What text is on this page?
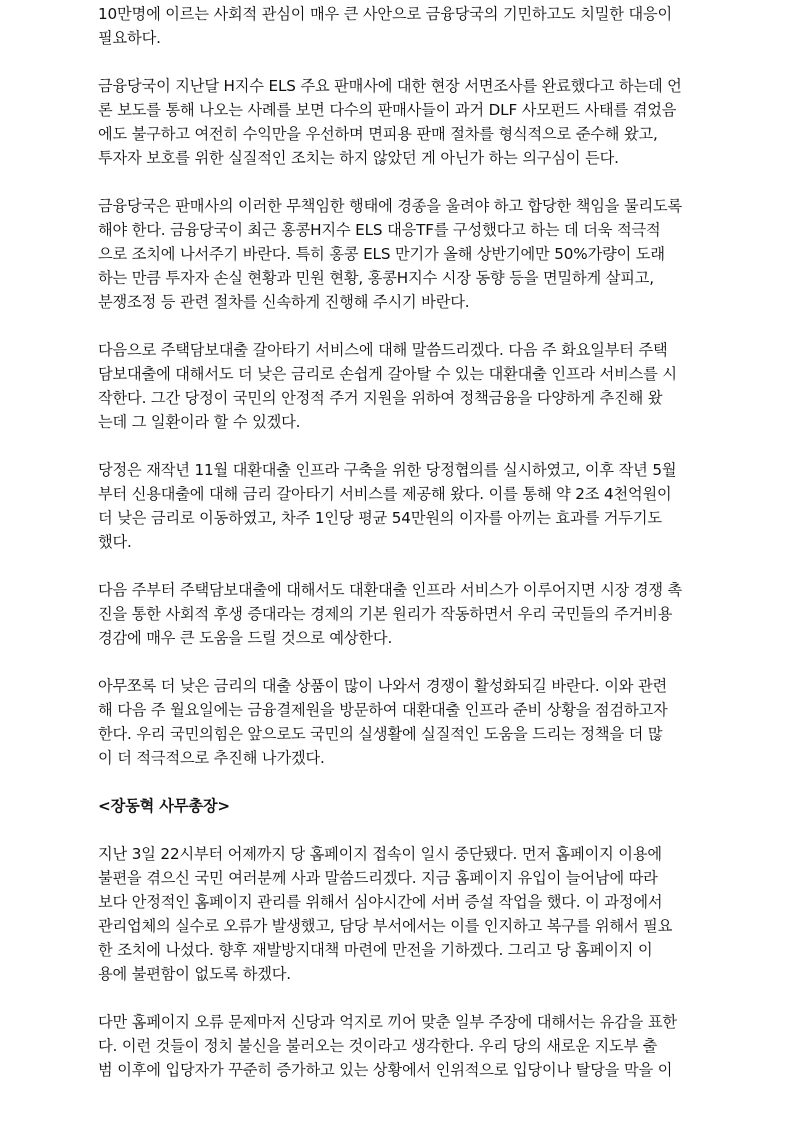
10만명에 이르는 사회적 관심이 매우 큰 사안으로 금융당국의 기민하고도 치밀한 대응이
필요하다.

금융당국이 지난달 H지수 ELS 주요 판매사에 대한 현장 서면조사를 완료했다고 하는데 언
론 보도를 통해 나오는 사례를 보면 다수의 판매사들이 과거 DLF 사모펀드 사태를 겪었음
에도 불구하고 여전히 수익만을 우선하며 면피용 판매 절차를 형식적으로 준수해 왔고,
투자자 보호를 위한 실질적인 조치는 하지 않았던 게 아닌가 하는 의구심이 든다.

금융당국은 판매사의 이러한 무책임한 행태에 경종을 울려야 하고 합당한 책임을 물리도록
해야 한다. 금융당국이 최근 홍콩H지수 ELS 대응TF를 구성했다고 하는 데 더욱 적극적
으로 조치에 나서주기 바란다. 특히 홍콩 ELS 만기가 올해 상반기에만 50%가량이 도래
하는 만큼 투자자 손실 현황과 민원 현황, 홍콩H지수 시장 동향 등을 면밀하게 살피고,
분쟁조정 등 관련 절차를 신속하게 진행해 주시기 바란다.

다음으로 주택담보대출 갈아타기 서비스에 대해 말씀드리겠다. 다음 주 화요일부터 주택
담보대출에 대해서도 더 낮은 금리로 손쉽게 갈아탈 수 있는 대환대출 인프라 서비스를 시
작한다. 그간 당정이 국민의 안정적 주거 지원을 위하여 정책금융을 다양하게 추진해 왔
는데 그 일환이라 할 수 있겠다.

당정은 재작년 11월 대환대출 인프라 구축을 위한 당정협의를 실시하였고, 이후 작년 5월
부터 신용대출에 대해 금리 갈아타기 서비스를 제공해 왔다. 이를 통해 약 2조 4천억원이
더 낮은 금리로 이동하였고, 차주 1인당 평균 54만원의 이자를 아끼는 효과를 거두기도
했다.

다음 주부터 주택담보대출에 대해서도 대환대출 인프라 서비스가 이루어지면 시장 경쟁 촉
진을 통한 사회적 후생 증대라는 경제의 기본 원리가 작동하면서 우리 국민들의 주거비용
경감에 매우 큰 도움을 드릴 것으로 예상한다.

아무쪼록 더 낮은 금리의 대출 상품이 많이 나와서 경쟁이 활성화되길 바란다. 이와 관련
해 다음 주 월요일에는 금융결제원을 방문하여 대환대출 인프라 준비 상황을 점검하고자
한다. 우리 국민의힘은 앞으로도 국민의 실생활에 실질적인 도움을 드리는 정책을 더 많
이 더 적극적으로 추진해 나가겠다.

<장동혁 사무총장>

지난 3일 22시부터 어제까지 당 홈페이지 접속이 일시 중단됐다. 먼저 홈페이지 이용에
불편을 겪으신 국민 여러분께 사과 말씀드리겠다. 지금 홈페이지 유입이 늘어남에 따라
보다 안정적인 홈페이지 관리를 위해서 심야시간에 서버 증설 작업을 했다. 이 과정에서
관리업체의 실수로 오류가 발생했고, 담당 부서에서는 이를 인지하고 복구를 위해서 필요
한 조치에 나섰다. 향후 재발방지대책 마련에 만전을 기하겠다. 그리고 당 홈페이지 이
용에 불편함이 없도록 하겠다.

다만 홈페이지 오류 문제마저 신당과 억지로 끼어 맞춘 일부 주장에 대해서는 유감을 표한
다. 이런 것들이 정치 불신을 불러오는 것이라고 생각한다. 우리 당의 새로운 지도부 출
범 이후에 입당자가 꾸준히 증가하고 있는 상황에서 인위적으로 입당이나 탈당을 막을 이
